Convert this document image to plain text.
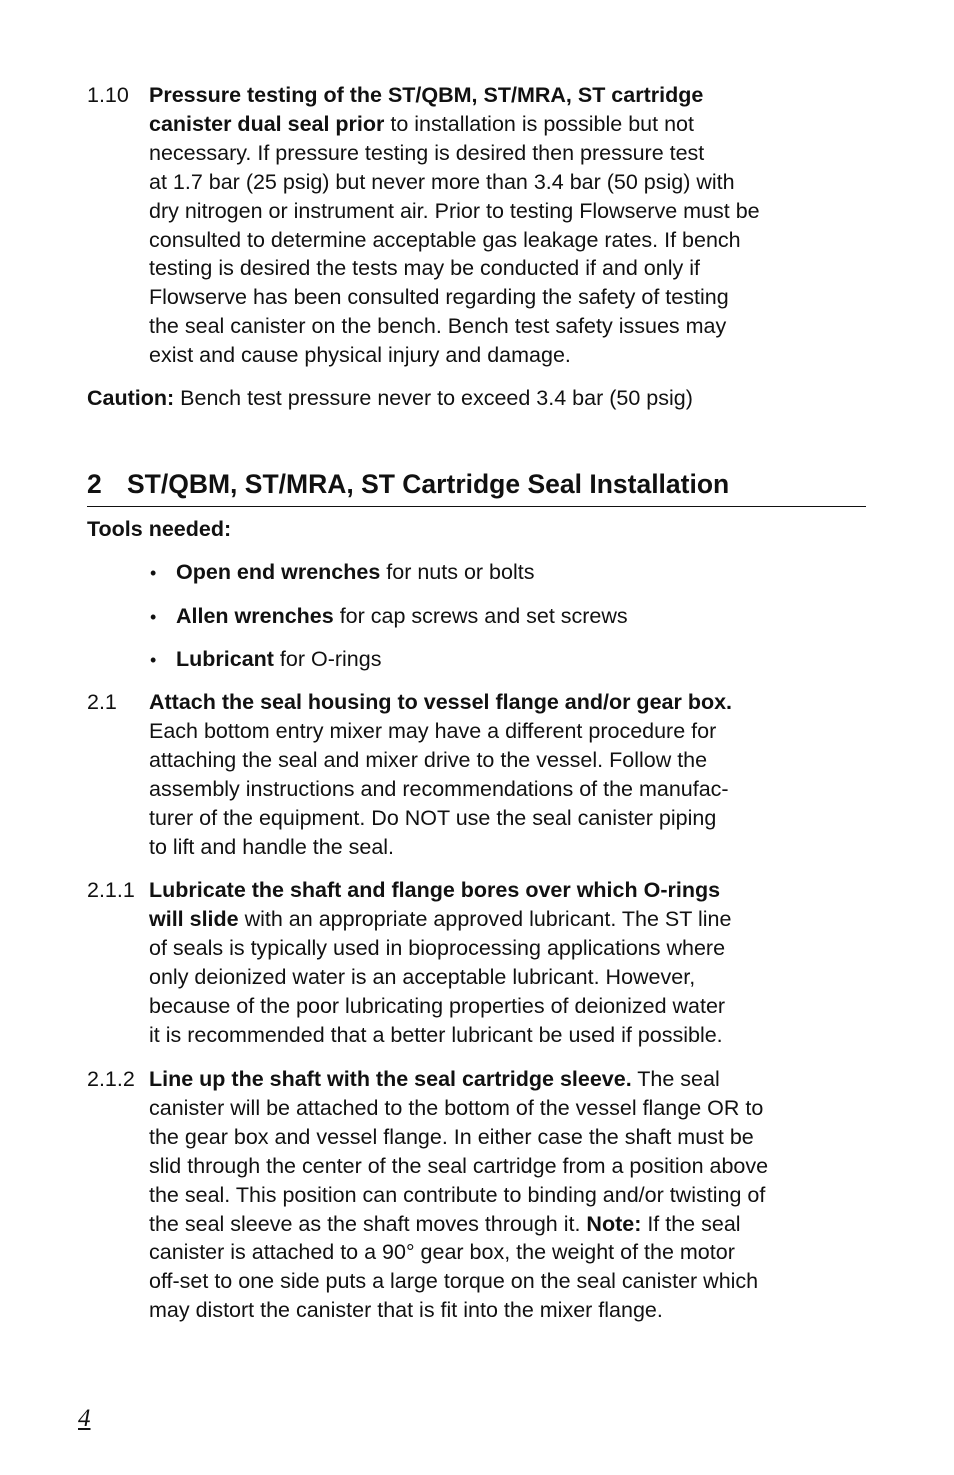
1.10 Pressure testing of the ST/QBM, ST/MRA, ST cartridge
canister dual seal prior to installation is possible but not
necessary. If pressure testing is desired then pressure test
at 1.7 bar (25 psig) but never more than 3.4 bar (50 psig) with
dry nitrogen or instrument air. Prior to testing Flowserve must be
consulted to determine acceptable gas leakage rates. If bench
testing is desired the tests may be conducted if and only if
Flowserve has been consulted regarding the safety of testing
the seal canister on the bench. Bench test safety issues may
exist and cause physical injury and damage.
Caution: Bench test pressure never to exceed 3.4 bar (50 psig)
2 ST/QBM, ST/MRA, ST Cartridge Seal Installation
Tools needed:
• Open end wrenches for nuts or bolts
• Allen wrenches for cap screws and set screws
• Lubricant for O-rings
2.1 Attach the seal housing to vessel flange and/or gear box.
Each bottom entry mixer may have a different procedure for
attaching the seal and mixer drive to the vessel. Follow the
assembly instructions and recommendations of the manufac-
turer of the equipment. Do NOT use the seal canister piping
to lift and handle the seal.
2.1.1 Lubricate the shaft and flange bores over which O-rings
will slide with an appropriate approved lubricant. The ST line
of seals is typically used in bioprocessing applications where
only deionized water is an acceptable lubricant. However,
because of the poor lubricating properties of deionized water
it is recommended that a better lubricant be used if possible.
2.1.2 Line up the shaft with the seal cartridge sleeve. The seal
canister will be attached to the bottom of the vessel flange OR to
the gear box and vessel flange. In either case the shaft must be
slid through the center of the seal cartridge from a position above
the seal. This position can contribute to binding and/or twisting of
the seal sleeve as the shaft moves through it. Note: If the seal
canister is attached to a 90° gear box, the weight of the motor
off-set to one side puts a large torque on the seal canister which
may distort the canister that is fit into the mixer flange.
4
